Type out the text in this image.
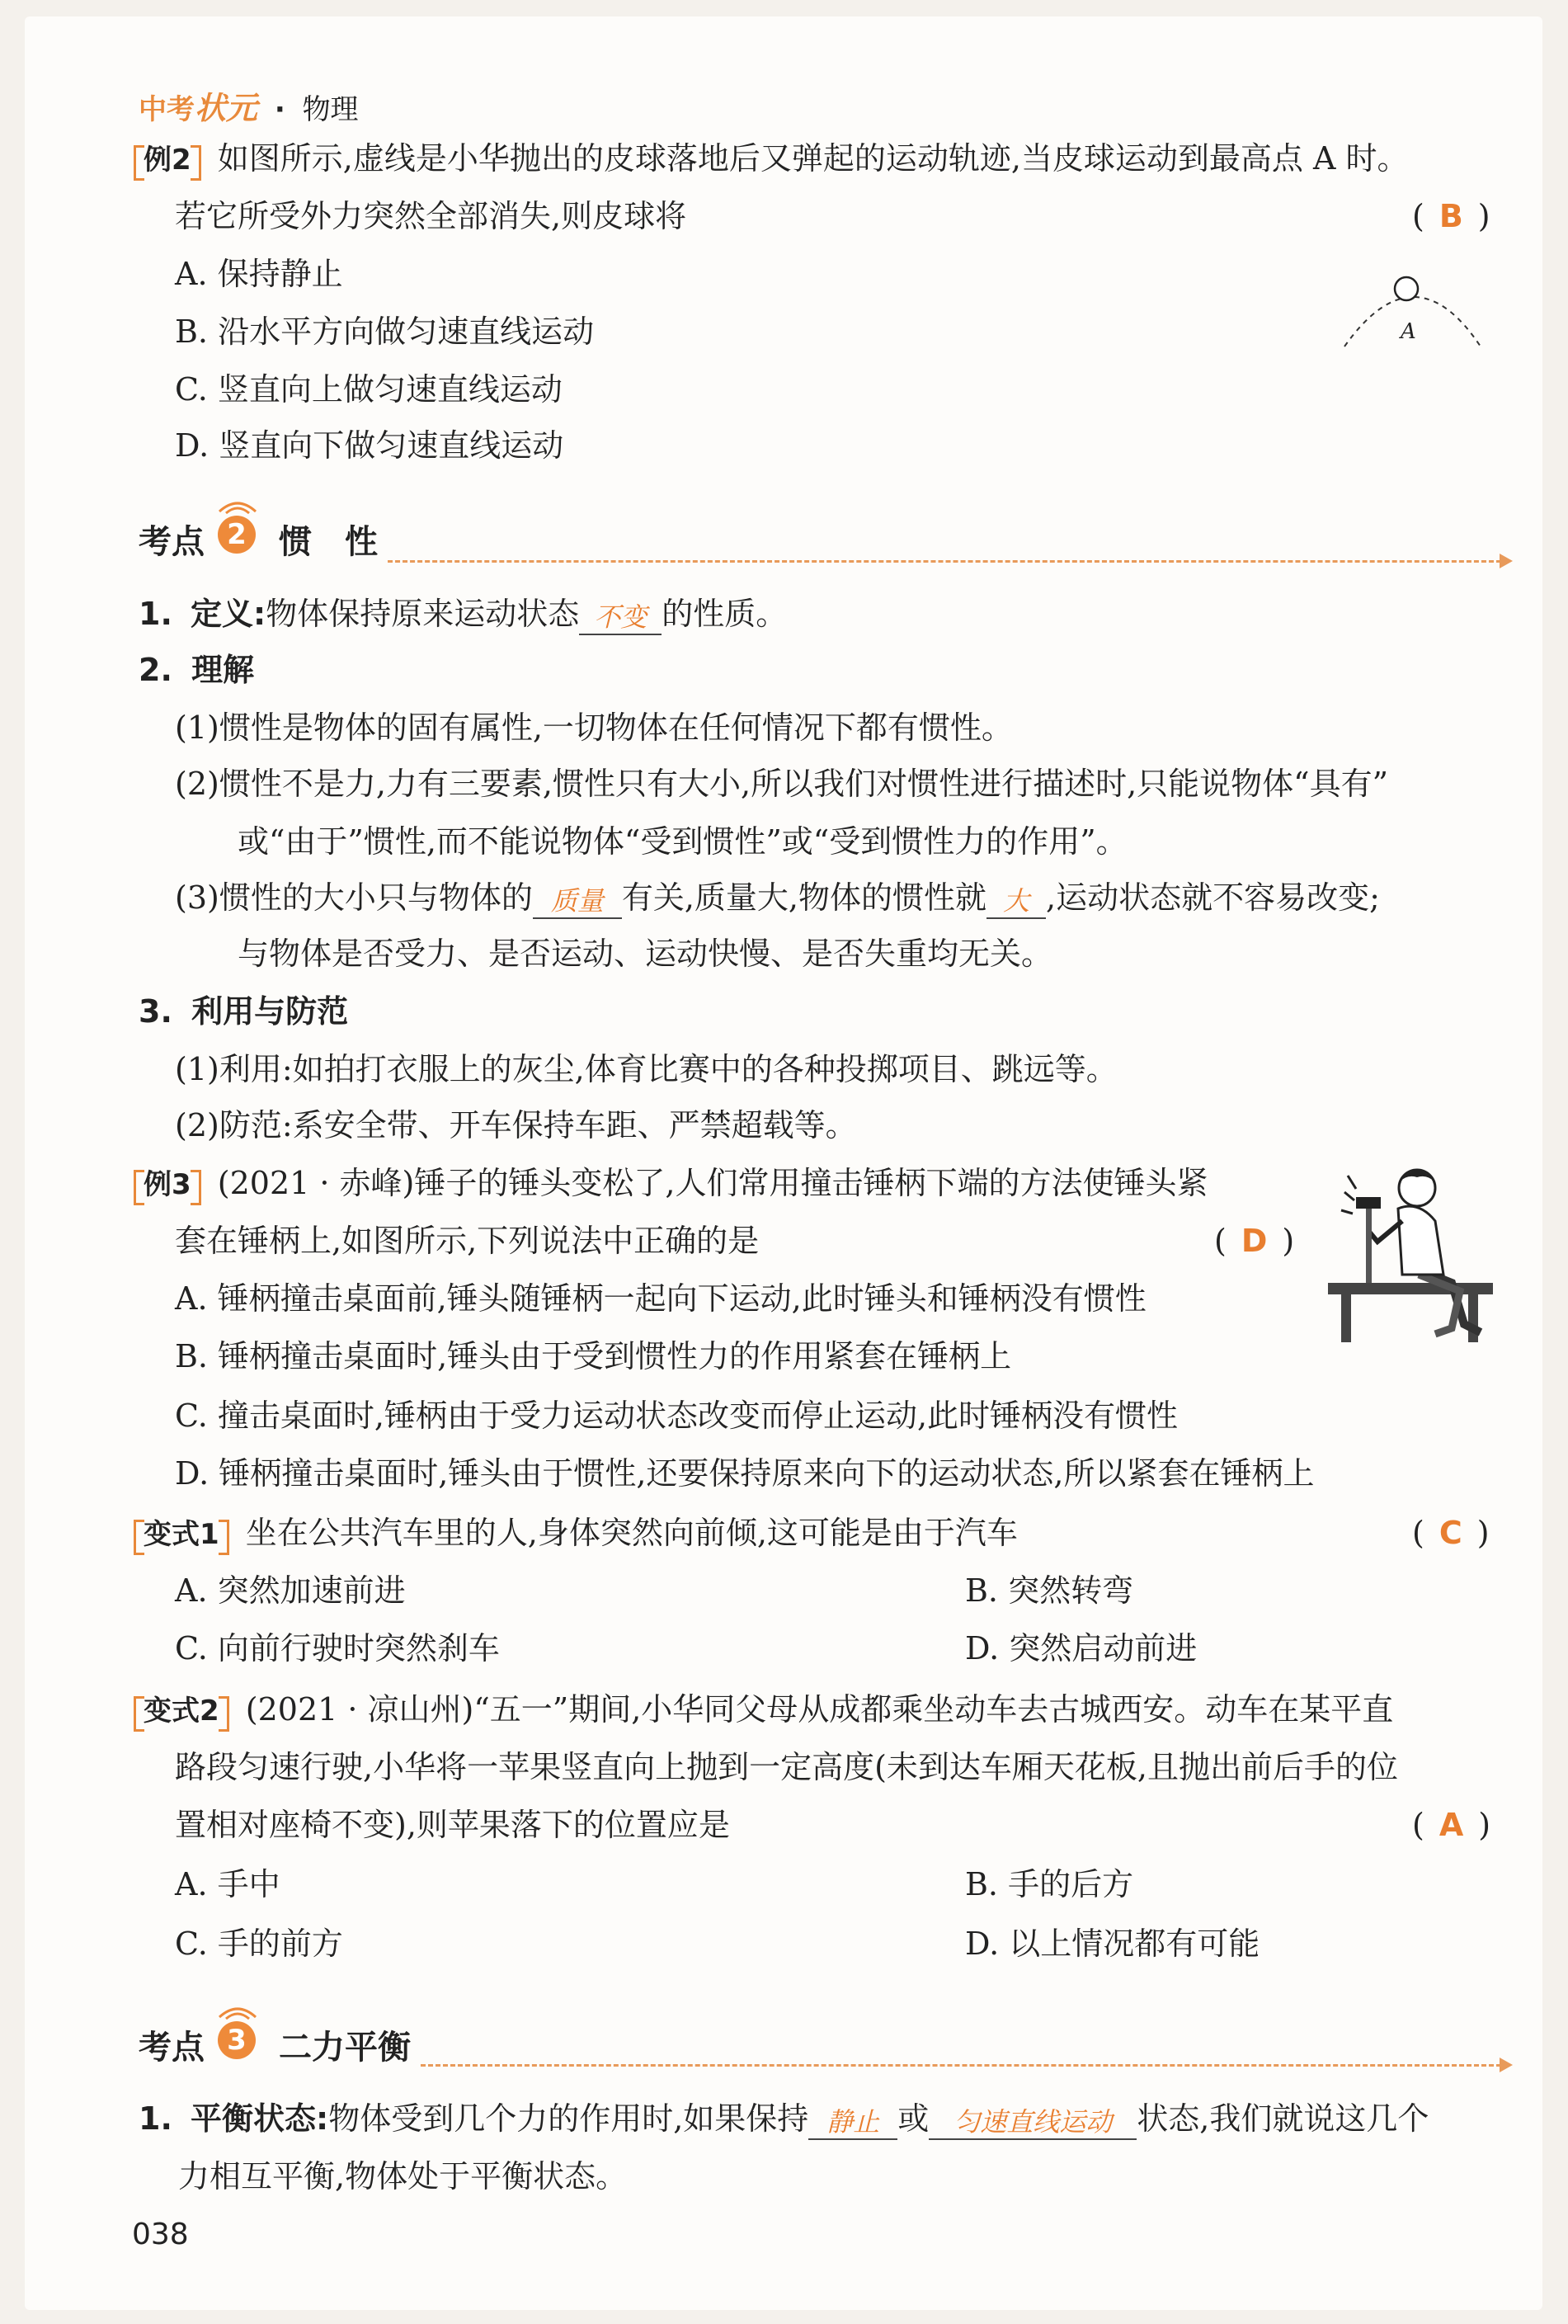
中考状元 · 物理
例2 如图所示,虚线是小华抛出的皮球落地后又弹起的运动轨迹,当皮球运动到最高点 A 时。
若它所受外力突然全部消失,则皮球将	( B )
A. 保持静止
B. 沿水平方向做匀速直线运动
C. 竖直向上做匀速直线运动
D. 竖直向下做匀速直线运动
A
考点 2 惯　性
1. 定义:物体保持原来运动状态 不变 的性质。
2. 理解
(1)惯性是物体的固有属性,一切物体在任何情况下都有惯性。
(2)惯性不是力,力有三要素,惯性只有大小,所以我们对惯性进行描述时,只能说物体“具有”
或“由于”惯性,而不能说物体“受到惯性”或“受到惯性力的作用”。
(3)惯性的大小只与物体的 质量 有关,质量大,物体的惯性就 大 ,运动状态就不容易改变;
与物体是否受力、是否运动、运动快慢、是否失重均无关。
3. 利用与防范
(1)利用:如拍打衣服上的灰尘,体育比赛中的各种投掷项目、跳远等。
(2)防范:系安全带、开车保持车距、严禁超载等。
例3 (2021 · 赤峰)锤子的锤头变松了,人们常用撞击锤柄下端的方法使锤头紧
套在锤柄上,如图所示,下列说法中正确的是	( D )
A. 锤柄撞击桌面前,锤头随锤柄一起向下运动,此时锤头和锤柄没有惯性
B. 锤柄撞击桌面时,锤头由于受到惯性力的作用紧套在锤柄上
C. 撞击桌面时,锤柄由于受力运动状态改变而停止运动,此时锤柄没有惯性
D. 锤柄撞击桌面时,锤头由于惯性,还要保持原来向下的运动状态,所以紧套在锤柄上
变式1 坐在公共汽车里的人,身体突然向前倾,这可能是由于汽车	( C )
A. 突然加速前进	B. 突然转弯
C. 向前行驶时突然刹车	D. 突然启动前进
变式2 (2021 · 凉山州)“五一”期间,小华同父母从成都乘坐动车去古城西安。动车在某平直
路段匀速行驶,小华将一苹果竖直向上抛到一定高度(未到达车厢天花板,且抛出前后手的位
置相对座椅不变),则苹果落下的位置应是	( A )
A. 手中	B. 手的后方
C. 手的前方	D. 以上情况都有可能
考点 3 二力平衡
1. 平衡状态:物体受到几个力的作用时,如果保持 静止 或 匀速直线运动 状态,我们就说这几个
力相互平衡,物体处于平衡状态。
038
